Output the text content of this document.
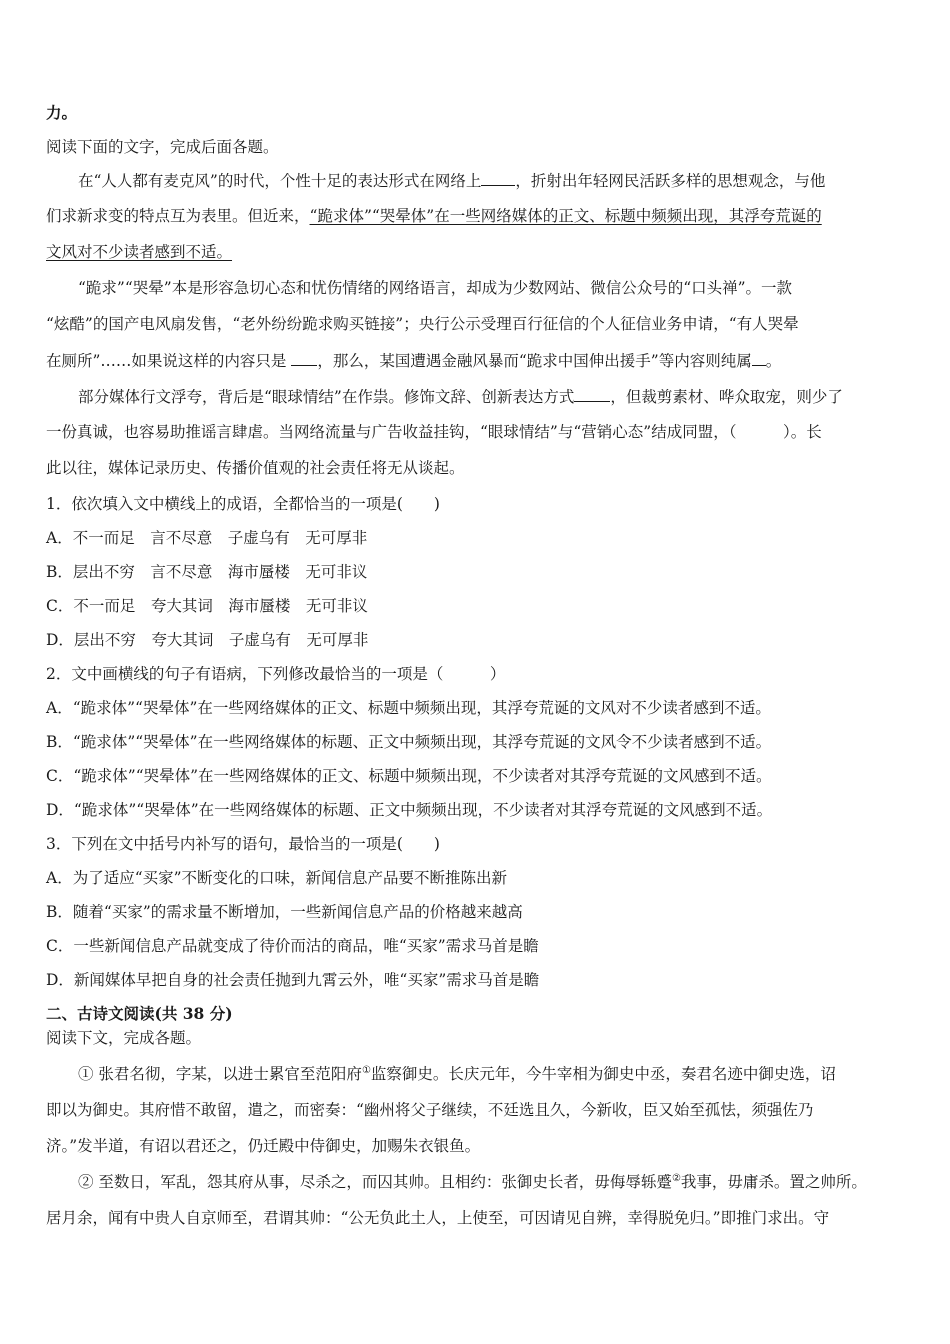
力。
阅读下面的文字，完成后面各题。
在“人人都有麦克风”的时代，个性十足的表达形式在网络上 ，折射出年轻网民活跃多样的思想观念，与他
们求新求变的特点互为表里。但近来，“跪求体”“哭晕体”在一些网络媒体的正文、标题中频频出现，其浮夸荒诞的
文风对不少读者感到不适。
“跪求”“哭晕”本是形容急切心态和忧伤情绪的网络语言，却成为少数网站、微信公众号的“口头禅”。一款
“炫酷”的国产电风扇发售，“老外纷纷跪求购买链接”；央行公示受理百行征信的个人征信业务申请，“有人哭晕
在厕所”……如果说这样的内容只是 ，那么，某国遭遇金融风暴而“跪求中国伸出援手”等内容则纯属 。
部分媒体行文浮夸，背后是“眼球情结”在作祟。修饰文辞、创新表达方式 ，但裁剪素材、哗众取宠，则少了
一份真诚，也容易助推谣言肆虐。当网络流量与广告收益挂钩，“眼球情结”与“营销心态”结成同盟，（　　　）。长
此以往，媒体记录历史、传播价值观的社会责任将无从谈起。
1．依次填入文中横线上的成语，全都恰当的一项是(　　)
A．不一而足　言不尽意　子虚乌有　无可厚非
B．层出不穷　言不尽意　海市蜃楼　无可非议
C．不一而足　夸大其词　海市蜃楼　无可非议
D．层出不穷　夸大其词　子虚乌有　无可厚非
2．文中画横线的句子有语病，下列修改最恰当的一项是（　　　）
A．“跪求体”“哭晕体”在一些网络媒体的正文、标题中频频出现，其浮夸荒诞的文风对不少读者感到不适。
B．“跪求体”“哭晕体”在一些网络媒体的标题、正文中频频出现，其浮夸荒诞的文风令不少读者感到不适。
C．“跪求体”“哭晕体”在一些网络媒体的正文、标题中频频出现，不少读者对其浮夸荒诞的文风感到不适。
D．“跪求体”“哭晕体”在一些网络媒体的标题、正文中频频出现，不少读者对其浮夸荒诞的文风感到不适。
3．下列在文中括号内补写的语句，最恰当的一项是(　　)
A．为了适应“买家”不断变化的口味，新闻信息产品要不断推陈出新
B．随着“买家”的需求量不断增加，一些新闻信息产品的价格越来越高
C．一些新闻信息产品就变成了待价而沽的商品，唯“买家”需求马首是瞻
D．新闻媒体早把自身的社会责任抛到九霄云外，唯“买家”需求马首是瞻
二、古诗文阅读(共 38 分)
阅读下文，完成各题。
① 张君名彻，字某，以进士累官至范阳府①监察御史。长庆元年，今牛宰相为御史中丞，奏君名迹中御史选，诏
即以为御史。其府惜不敢留，遣之，而密奏：“幽州将父子继续，不廷选且久，今新收，臣又始至孤怯，须强佐乃
济。”发半道，有诏以君还之，仍迁殿中侍御史，加赐朱衣银鱼。
② 至数日，军乱，怨其府从事，尽杀之，而囚其帅。且相约：张御史长者，毋侮辱轹蹙②我事，毋庸杀。置之帅所。
居月余，闻有中贵人自京师至，君谓其帅：“公无负此土人，上使至，可因请见自辨，幸得脱免归。”即推门求出。守
